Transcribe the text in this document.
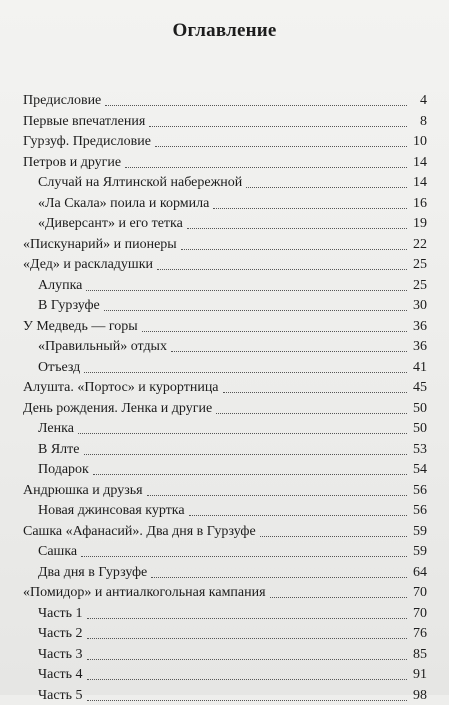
Оглавление
Предисловие	4
Первые впечатления	8
Гурзуф. Предисловие	10
Петров и другие	14
Случай на Ялтинской набережной	14
«Ла Скала» поила и кормила	16
«Диверсант» и его тетка	19
«Пискунарий» и пионеры	22
«Дед» и раскладушки	25
Алупка	25
В Гурзуфе	30
У Медведь — горы	36
«Правильный» отдых	36
Отъезд	41
Алушта. «Портос» и курортница	45
День рождения. Ленка и другие	50
Ленка	50
В Ялте	53
Подарок	54
Андрюшка и друзья	56
Новая джинсовая куртка	56
Сашка «Афанасий». Два дня в Гурзуфе	59
Сашка	59
Два дня в Гурзуфе	64
«Помидор» и антиалкогольная кампания	70
Часть 1	70
Часть 2	76
Часть 3	85
Часть 4	91
Часть 5	98
